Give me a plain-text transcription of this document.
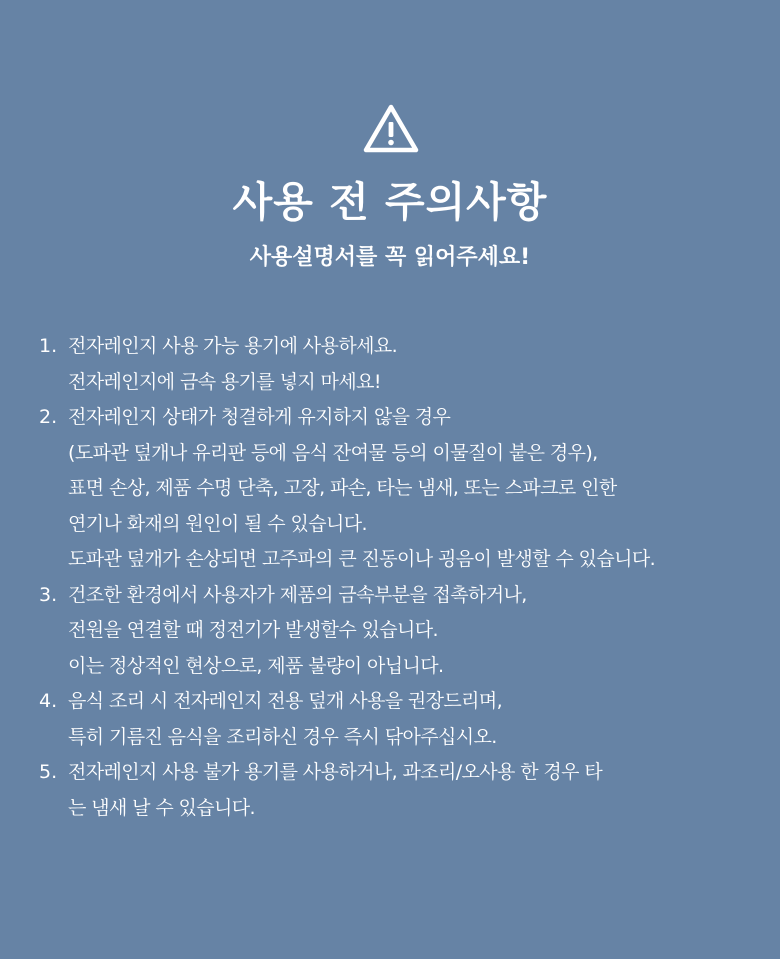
사용 전 주의사항
사용설명서를 꼭 읽어주세요!
1. 전자레인지 사용 가능 용기에 사용하세요.
전자레인지에 금속 용기를 넣지 마세요!
2. 전자레인지 상태가 청결하게 유지하지 않을 경우
(도파관 덮개나 유리판 등에 음식 잔여물 등의 이물질이 붙은 경우),
표면 손상, 제품 수명 단축, 고장, 파손, 타는 냄새, 또는 스파크로 인한
연기나 화재의 원인이 될 수 있습니다.
도파관 덮개가 손상되면 고주파의 큰 진동이나 굉음이 발생할 수 있습니다.
3. 건조한 환경에서 사용자가 제품의 금속부분을 접촉하거나,
전원을 연결할 때 정전기가 발생할수 있습니다.
이는 정상적인 현상으로, 제품 불량이 아닙니다.
4. 음식 조리 시 전자레인지 전용 덮개 사용을 권장드리며,
특히 기름진 음식을 조리하신 경우 즉시 닦아주십시오.
5. 전자레인지 사용 불가 용기를 사용하거나, 과조리/오사용 한 경우 타
는 냄새 날 수 있습니다.
